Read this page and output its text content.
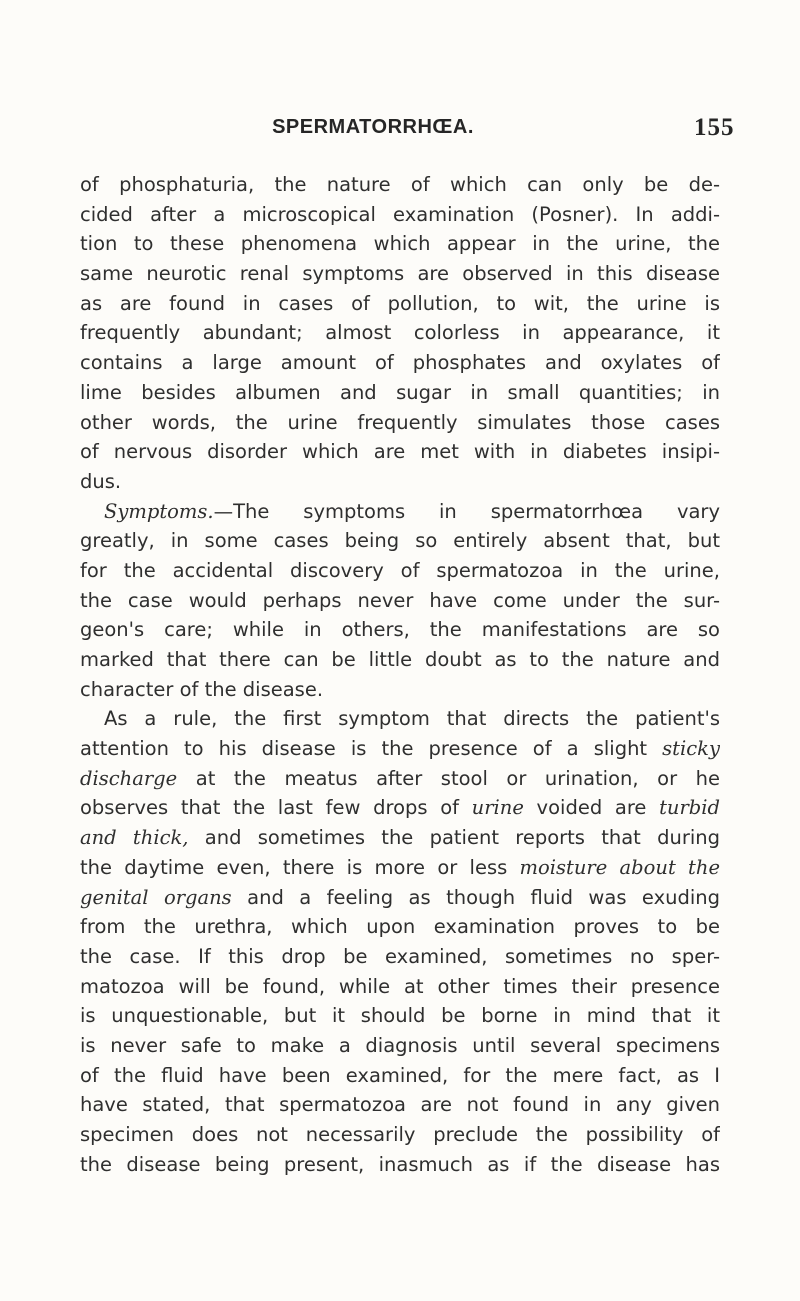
SPERMATORRHŒA.	155
of phosphaturia, the nature of which can only be de-
cided after a microscopical examination (Posner). In addi-
tion to these phenomena which appear in the urine, the
same neurotic renal symptoms are observed in this disease
as are found in cases of pollution, to wit, the urine is
frequently abundant; almost colorless in appearance, it
contains a large amount of phosphates and oxylates of
lime besides albumen and sugar in small quantities; in
other words, the urine frequently simulates those cases
of nervous disorder which are met with in diabetes insipi-
dus.
Symptoms.—The symptoms in spermatorrhœa vary
greatly, in some cases being so entirely absent that, but
for the accidental discovery of spermatozoa in the urine,
the case would perhaps never have come under the sur-
geon's care; while in others, the manifestations are so
marked that there can be little doubt as to the nature and
character of the disease.
As a rule, the first symptom that directs the patient's
attention to his disease is the presence of a slight sticky
discharge at the meatus after stool or urination, or he
observes that the last few drops of urine voided are turbid
and thick, and sometimes the patient reports that during
the daytime even, there is more or less moisture about the
genital organs and a feeling as though fluid was exuding
from the urethra, which upon examination proves to be
the case. If this drop be examined, sometimes no sper-
matozoa will be found, while at other times their presence
is unquestionable, but it should be borne in mind that it
is never safe to make a diagnosis until several specimens
of the fluid have been examined, for the mere fact, as I
have stated, that spermatozoa are not found in any given
specimen does not necessarily preclude the possibility of
the disease being present, inasmuch as if the disease has
